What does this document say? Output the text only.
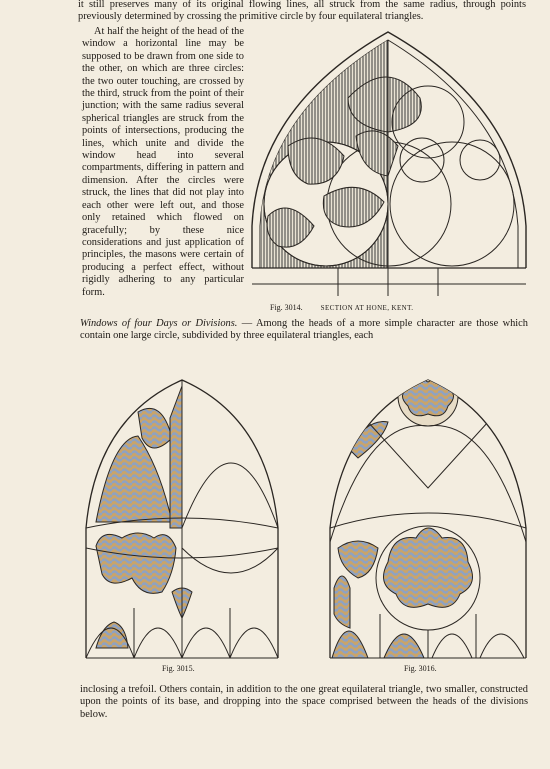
it still preserves many of its original flowing lines, all struck from the same radius, through points previously determined by crossing the primitive circle by four equilateral triangles.

At half the height of the head of the window a horizontal line may be supposed to be drawn from one side to the other, on which are three circles: the two outer touching, are crossed by the third, struck from the point of their junction; with the same radius several spherical triangles are struck from the points of intersections, producing the lines, which unite and divide the window head into several compartments, differing in pattern and dimension. After the circles were struck, the lines that did not play into each other were left out, and those only retained which flowed on gracefully; by these nice considerations and just application of principles, the masons were certain of producing a perfect effect, without rigidly adhering to any particular form.

Fig. 3014.	SECTION AT HONE, KENT.

Windows of four Days or Divisions. — Among the heads of a more simple character are those which contain one large circle, subdivided by three equilateral triangles, each

Fig. 3015.	Fig. 3016.

inclosing a trefoil. Others contain, in addition to the one great equilateral triangle, two smaller, constructed upon the points of its base, and dropping into the space comprised between the heads of the divisions below.
